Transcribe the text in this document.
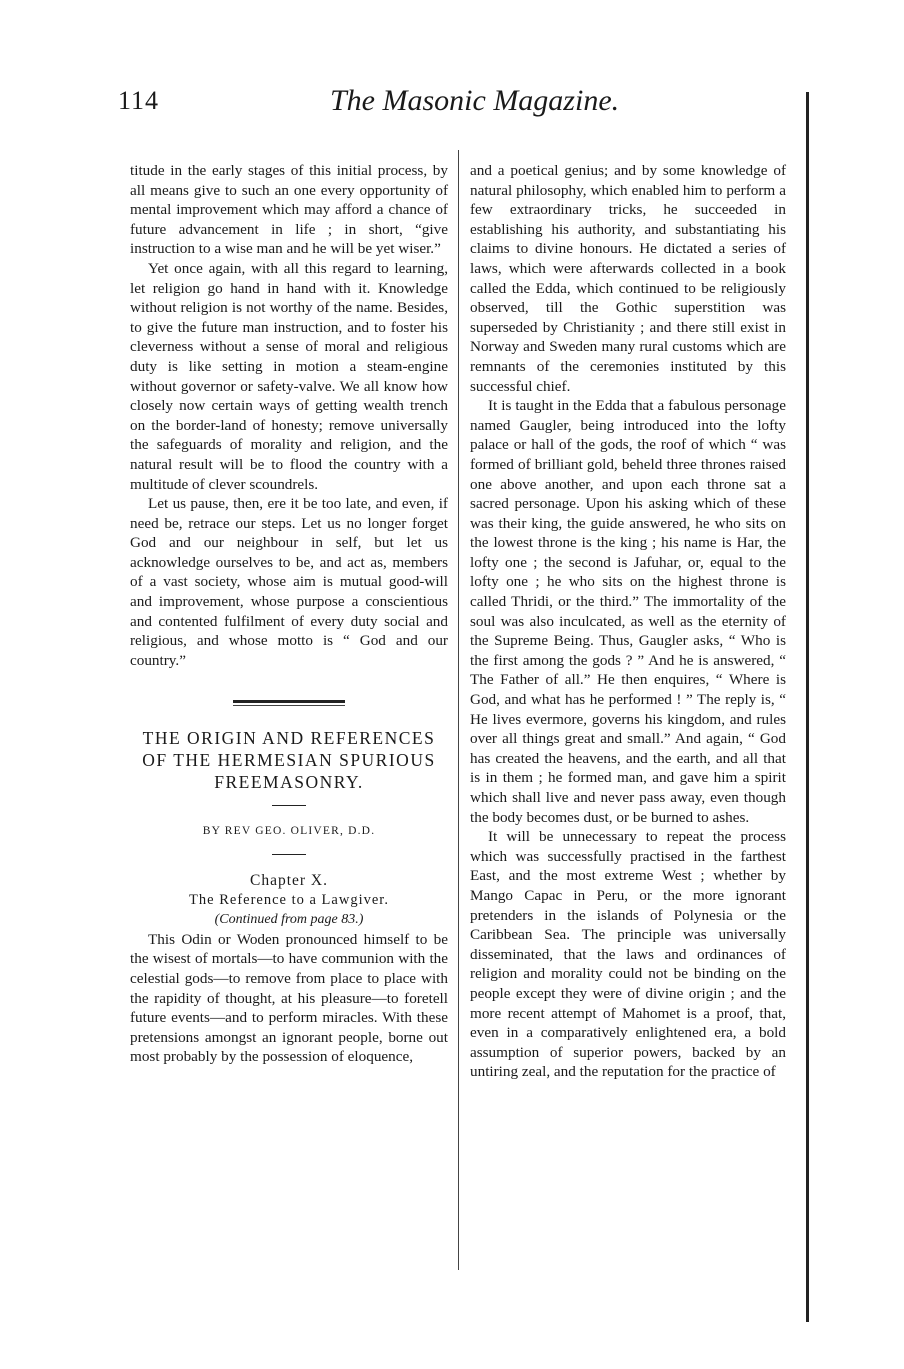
114	The Masonic Magazine.

titude in the early stages of this initial process, by all means give to such an one every opportunity of mental improvement which may afford a chance of future advancement in life ; in short, “give instruction to a wise man and he will be yet wiser.”

Yet once again, with all this regard to learning, let religion go hand in hand with it. Knowledge without religion is not worthy of the name. Besides, to give the future man instruction, and to foster his cleverness without a sense of moral and religious duty is like setting in motion a steam-engine without governor or safety-valve. We all know how closely now certain ways of getting wealth trench on the border-land of honesty; remove universally the safeguards of morality and religion, and the natural result will be to flood the country with a multitude of clever scoundrels.

Let us pause, then, ere it be too late, and even, if need be, retrace our steps. Let us no longer forget God and our neighbour in self, but let us acknowledge ourselves to be, and act as, members of a vast society, whose aim is mutual good-will and improvement, whose purpose a conscientious and contented fulfilment of every duty social and religious, and whose motto is “ God and our country.”

THE ORIGIN AND REFERENCES

OF THE HERMESIAN SPURIOUS

FREEMASONRY.

BY REV GEO. OLIVER, D.D.

Chapter X.

The Reference to a Lawgiver.

(Continued from page 83.)

This Odin or Woden pronounced himself to be the wisest of mortals—to have communion with the celestial gods—to remove from place to place with the rapidity of thought, at his pleasure—to foretell future events—and to perform miracles. With these pretensions amongst an ignorant people, borne out most probably by the possession of eloquence,

and a poetical genius; and by some knowledge of natural philosophy, which enabled him to perform a few extraordinary tricks, he succeeded in establishing his authority, and substantiating his claims to divine honours. He dictated a series of laws, which were afterwards collected in a book called the Edda, which continued to be religiously observed, till the Gothic superstition was superseded by Christianity ; and there still exist in Norway and Sweden many rural customs which are remnants of the ceremonies instituted by this successful chief.

It is taught in the Edda that a fabulous personage named Gaugler, being introduced into the lofty palace or hall of the gods, the roof of which “ was formed of brilliant gold, beheld three thrones raised one above another, and upon each throne sat a sacred personage. Upon his asking which of these was their king, the guide answered, he who sits on the lowest throne is the king ; his name is Har, the lofty one ; the second is Jafuhar, or, equal to the lofty one ; he who sits on the highest throne is called Thridi, or the third.” The immortality of the soul was also inculcated, as well as the eternity of the Supreme Being. Thus, Gaugler asks, “ Who is the first among the gods ? ” And he is answered, “ The Father of all.” He then enquires, “ Where is God, and what has he performed ! ” The reply is, “ He lives evermore, governs his kingdom, and rules over all things great and small.” And again, “ God has created the heavens, and the earth, and all that is in them ; he formed man, and gave him a spirit which shall live and never pass away, even though the body becomes dust, or be burned to ashes.

It will be unnecessary to repeat the process which was successfully practised in the farthest East, and the most extreme West ; whether by Mango Capac in Peru, or the more ignorant pretenders in the islands of Polynesia or the Caribbean Sea. The principle was universally disseminated, that the laws and ordinances of religion and morality could not be binding on the people except they were of divine origin ; and the more recent attempt of Mahomet is a proof, that, even in a comparatively enlightened era, a bold assumption of superior powers, backed by an untiring zeal, and the reputation for the practice of
